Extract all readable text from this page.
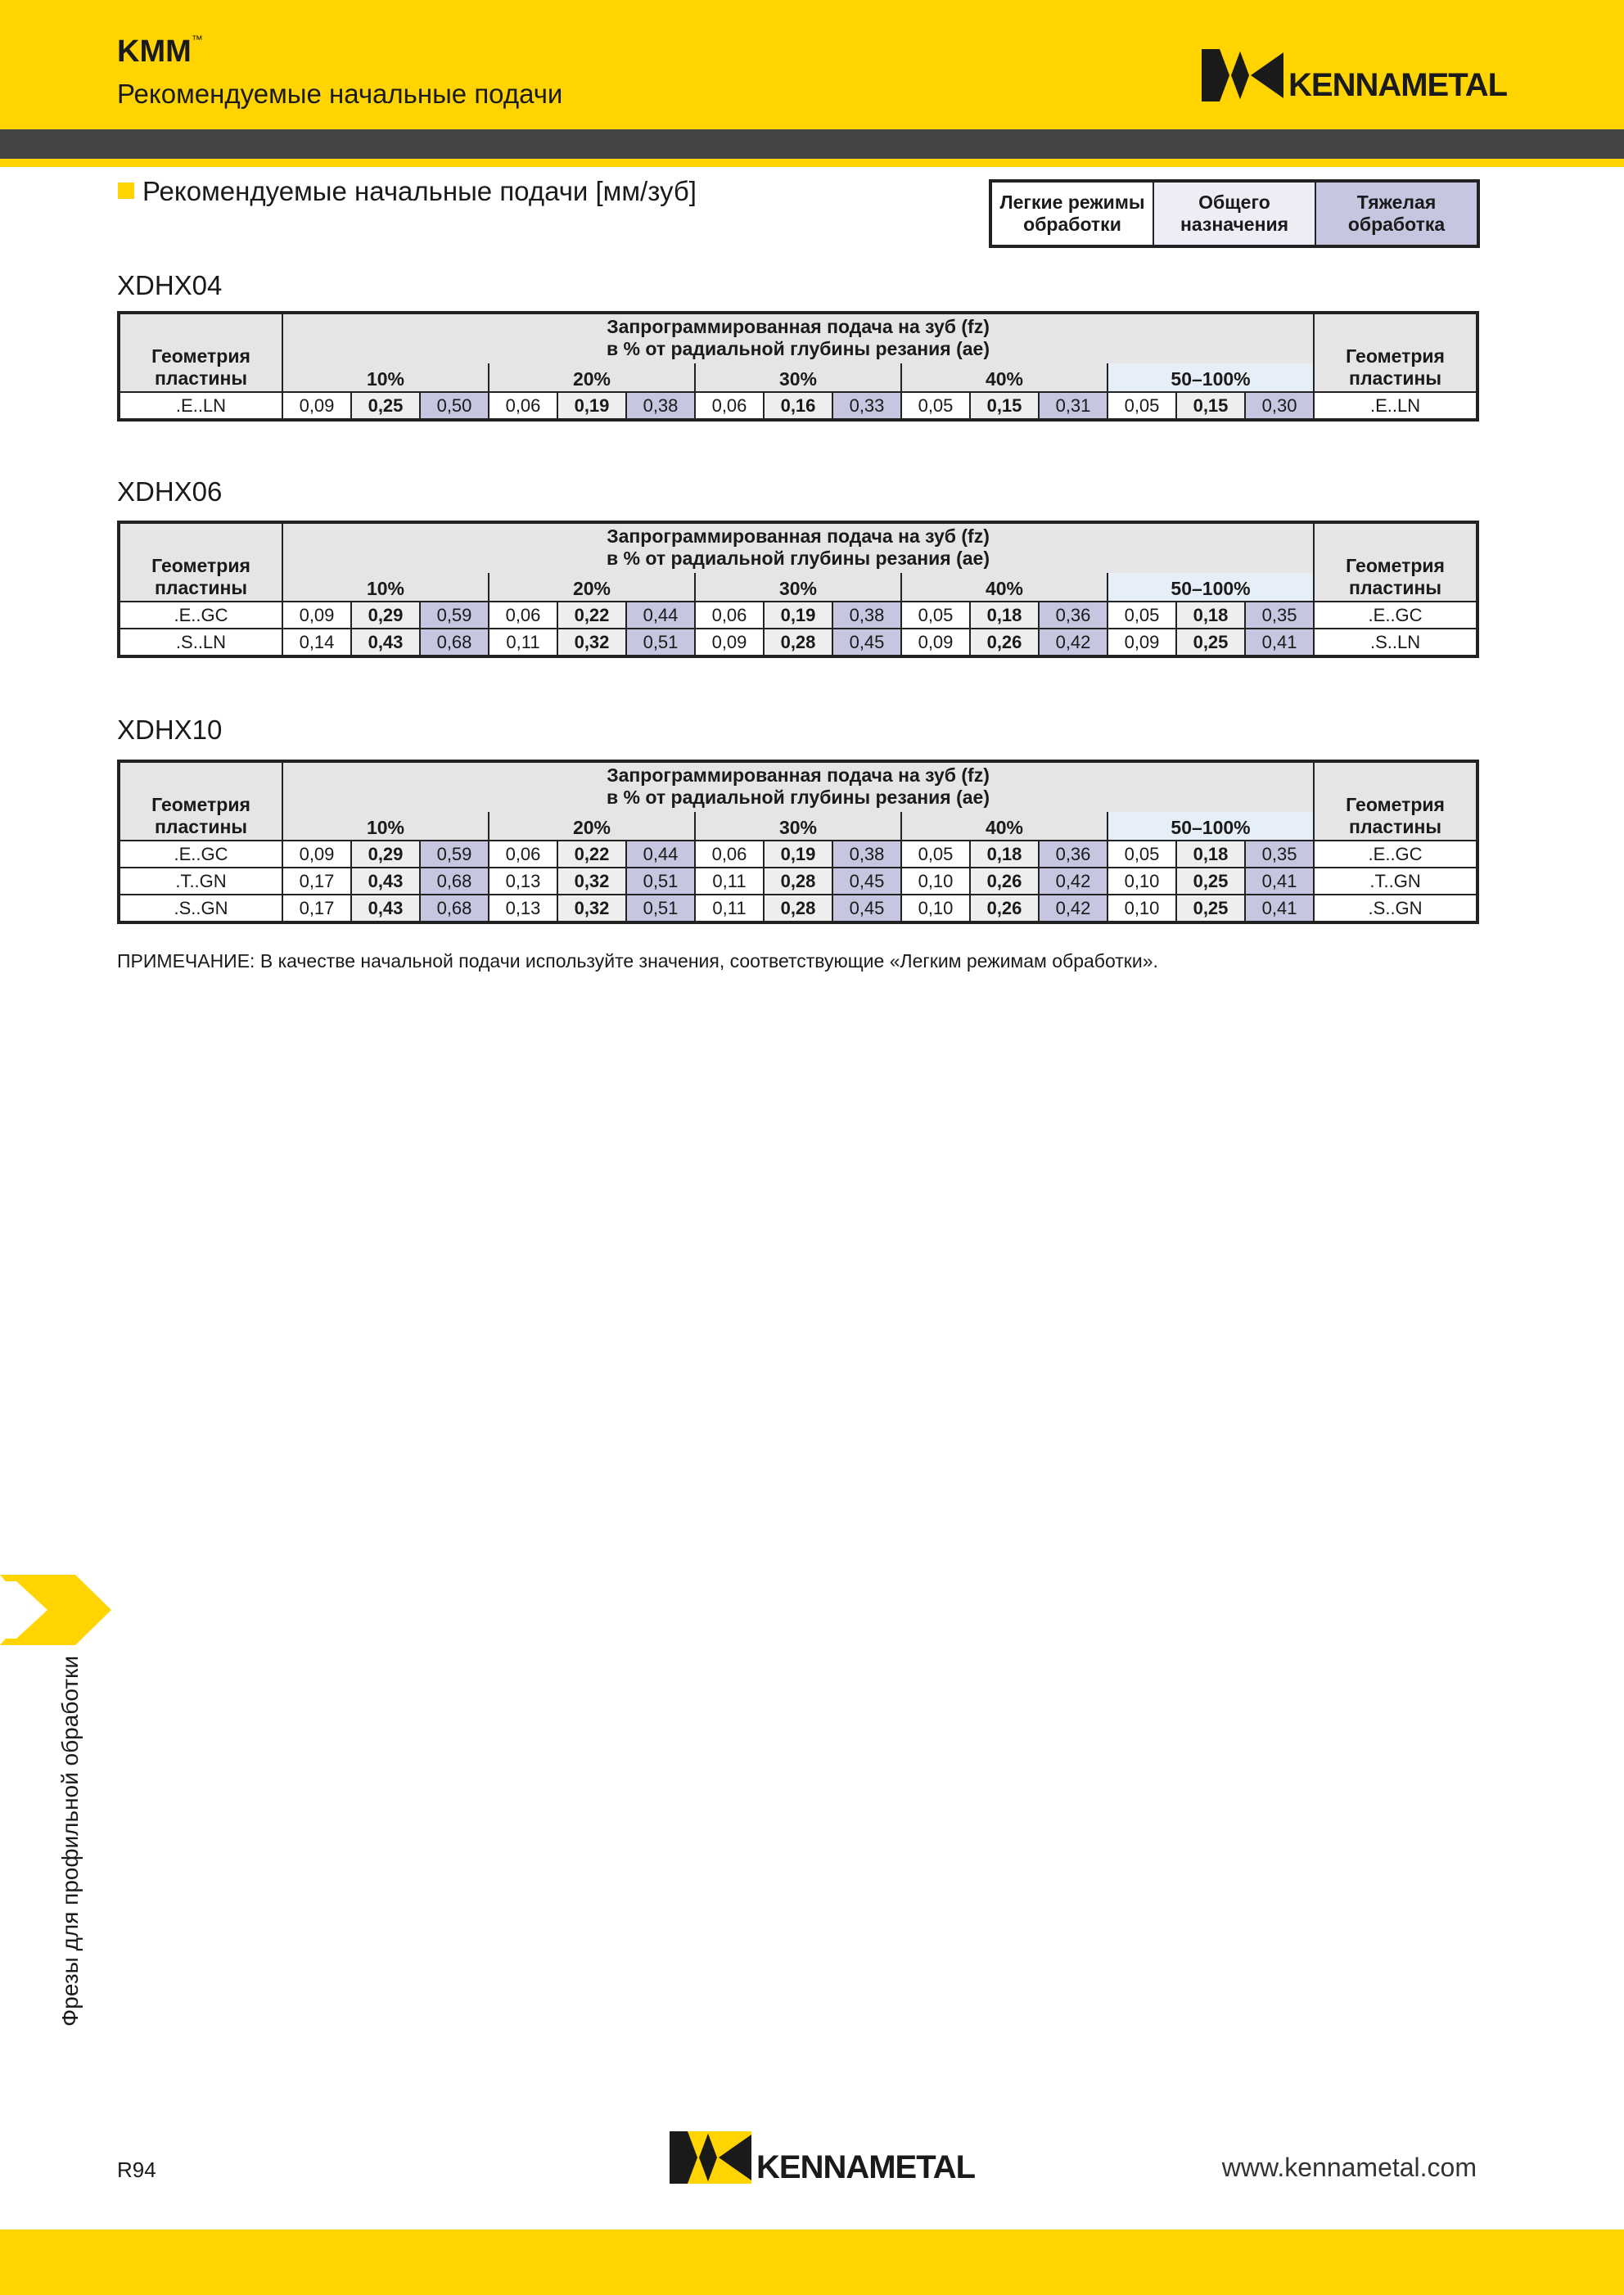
KMM™
Рекомендуемые начальные подачи	KENNAMETAL
Рекомендуемые начальные подачи [мм/зуб]	Легкие режимы
обработки
Общего
назначения
Тяжелая
обработка
XDHX04
XDHX06
XDHX10
Геометрия
пластины	Запрограммированная подача на зуб (fz)
в % от радиальной глубины резания (ae)															Геометрия
пластины
	10%			20%			30%			40%			50–100%			
.E..LN	0,09	0,25	0,50	0,06	0,19	0,38	0,06	0,16	0,33	0,05	0,15	0,31	0,05	0,15	0,30	.E..LN
Геометрия
пластины	Запрограммированная подача на зуб (fz)
в % от радиальной глубины резания (ae)															Геометрия
пластины
	10%			20%			30%			40%			50–100%			
.E..GC	0,09	0,29	0,59	0,06	0,22	0,44	0,06	0,19	0,38	0,05	0,18	0,36	0,05	0,18	0,35	.E..GC
.S..LN	0,14	0,43	0,68	0,11	0,32	0,51	0,09	0,28	0,45	0,09	0,26	0,42	0,09	0,25	0,41	.S..LN
Геометрия
пластины	Запрограммированная подача на зуб (fz)
в % от радиальной глубины резания (ae)															Геометрия
пластины
	10%			20%			30%			40%			50–100%			
.E..GC	0,09	0,29	0,59	0,06	0,22	0,44	0,06	0,19	0,38	0,05	0,18	0,36	0,05	0,18	0,35	.E..GC
.T..GN	0,17	0,43	0,68	0,13	0,32	0,51	0,11	0,28	0,45	0,10	0,26	0,42	0,10	0,25	0,41	.T..GN
.S..GN	0,17	0,43	0,68	0,13	0,32	0,51	0,11	0,28	0,45	0,10	0,26	0,42	0,10	0,25	0,41	.S..GN
ПРИМЕЧАНИЕ: В качестве начальной подачи используйте значения, соответствующие «Легким режимам обработки».
Фрезы для профильной обработки
R94	KENNAMETAL	www.kennametal.com
